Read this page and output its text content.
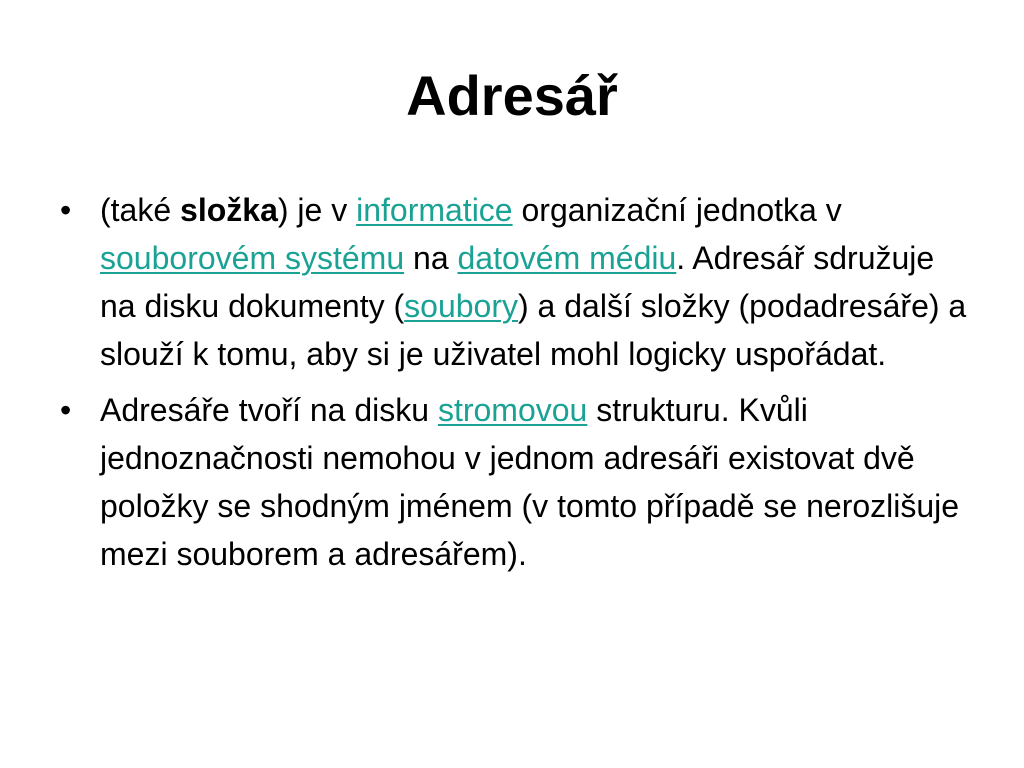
Adresář
• (také složka) je v informatice organizační jednotka v souborovém systému na datovém médiu. Adresář sdružuje na disku dokumenty (soubory) a další složky (podadresáře) a slouží k tomu, aby si je uživatel mohl logicky uspořádat.
• Adresáře tvoří na disku stromovou strukturu. Kvůli jednoznačnosti nemohou v jednom adresáři existovat dvě položky se shodným jménem (v tomto případě se nerozlišuje mezi souborem a adresářem).
